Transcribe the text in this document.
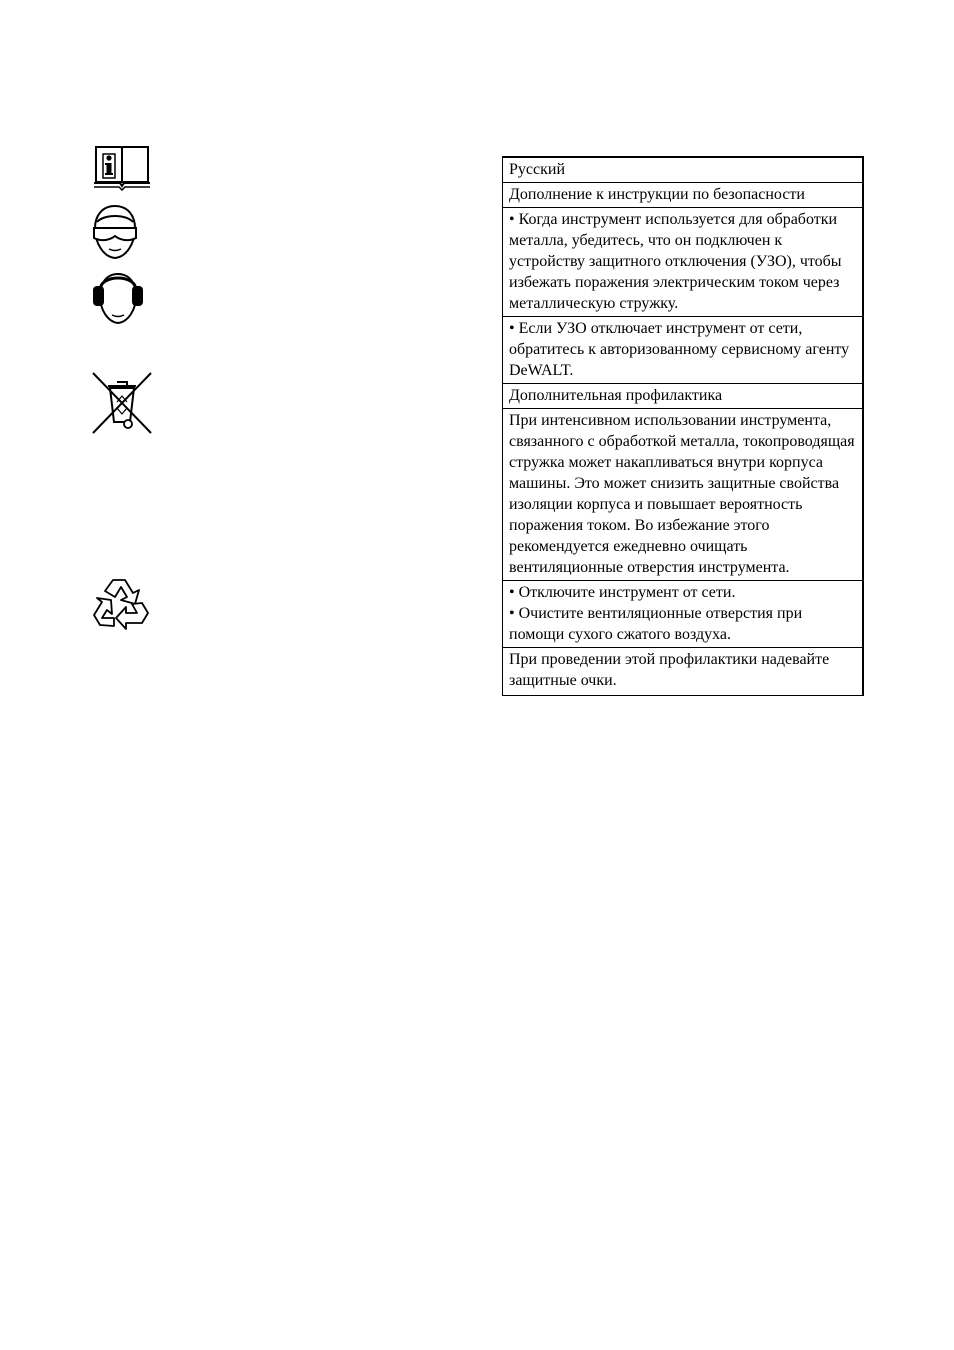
Русский
Дополнение к инструкции по безопасности
• Когда инструмент используется для обработки металла, убедитесь, что он подключен к устройству защитного отключения (УЗО), чтобы избежать поражения электрическим током через металлическую стружку.
• Если УЗО отключает инструмент от сети, обратитесь к авторизованному сервисному агенту DeWALT.
Дополнительная профилактика
При интенсивном использовании инструмента, связанного с обработкой металла, токопроводящая стружка может накапливаться внутри корпуса машины. Это может снизить защитные свойства изоляции корпуса и повышает вероятность поражения током. Во избежание этого рекомендуется ежедневно очищать вентиляционные отверстия инструмента.

• Отключите инструмент от сети.

• Очистите вентиляционные отверстия при помощи сухого сжатого воздуха.

При проведении этой профилактики надевайте защитные очки.
